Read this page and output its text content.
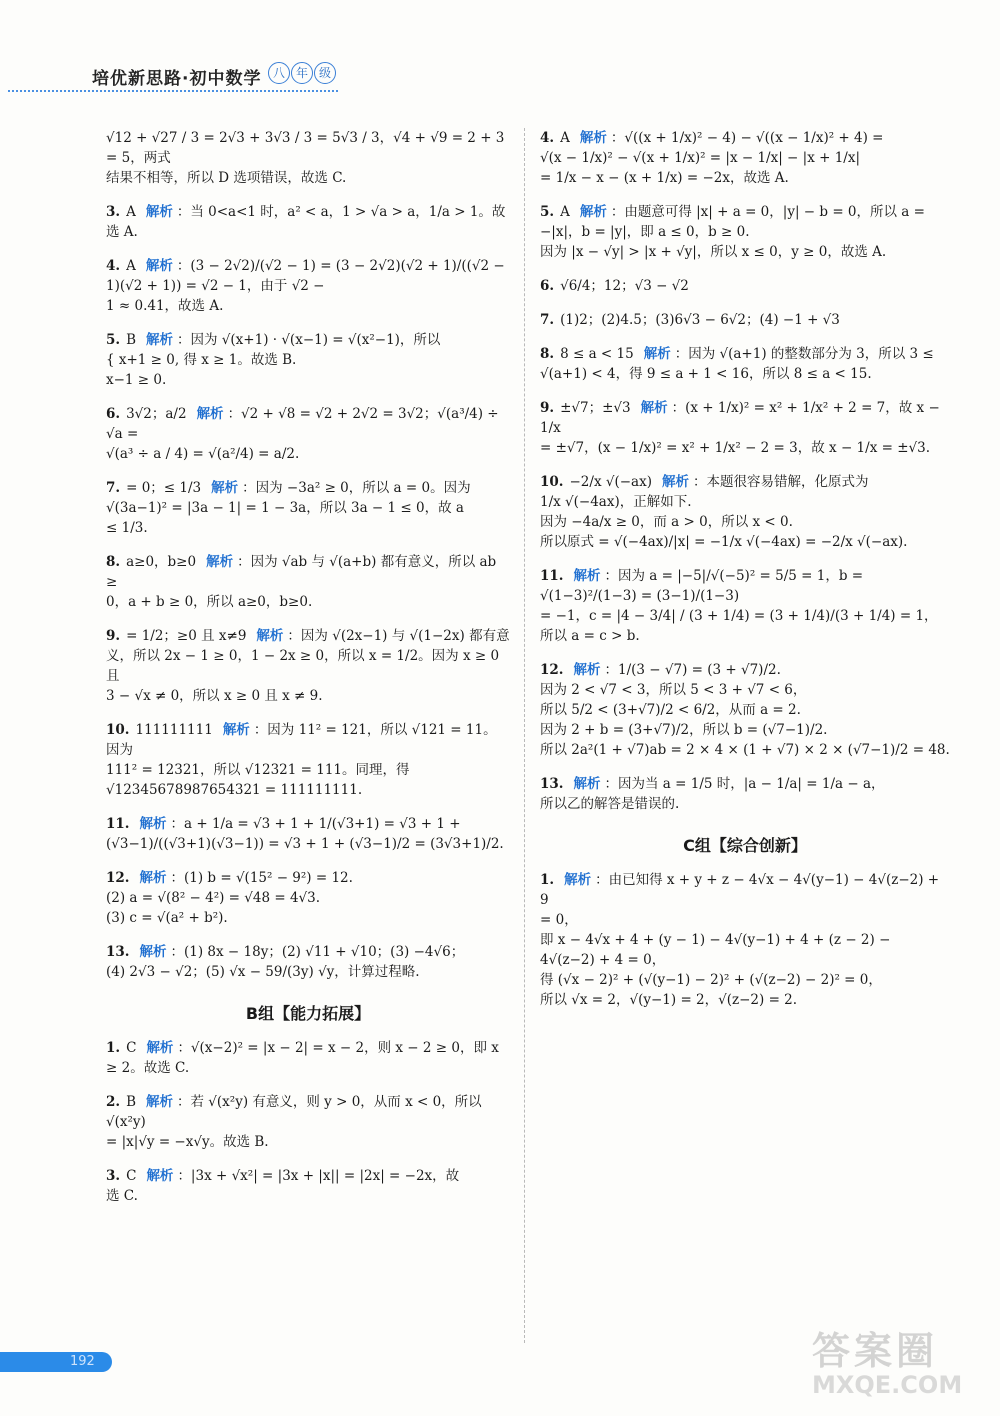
培优新思路·初中数学 八 年 级
√12 + √27 / 3 = 2√3 + 3√3 / 3 = 5√3 / 3，√4 + √9 = 2 + 3 = 5，两式
结果不相等，所以 D 选项错误，故选 C.
3. A 解析 ：当 0<a<1 时，a² < a，1 > √a > a，1/a > 1。故
选 A.
4. A 解析 ：(3 − 2√2)/(√2 − 1) = (3 − 2√2)(√2 + 1)/((√2 − 1)(√2 + 1)) = √2 − 1，由于 √2 −
1 ≈ 0.41，故选 A.
5. B 解析 ：因为 √(x+1) · √(x−1) = √(x²−1)，所以
{ x+1 ≥ 0, 得 x ≥ 1。故选 B.
x−1 ≥ 0.
6. 3√2；a/2 解析 ：√2 + √8 = √2 + 2√2 = 3√2；√(a³/4) ÷ √a =
√(a³ ÷ a / 4) = √(a²/4) = a/2.
7. = 0；≤ 1/3 解析 ：因为 −3a² ≥ 0，所以 a = 0。因为
√(3a−1)² = |3a − 1| = 1 − 3a，所以 3a − 1 ≤ 0，故 a
≤ 1/3.
8. a≥0，b≥0 解析 ：因为 √ab 与 √(a+b) 都有意义，所以 ab ≥
0，a + b ≥ 0，所以 a≥0，b≥0.
9. = 1/2；≥0 且 x≠9 解析 ：因为 √(2x−1) 与 √(1−2x) 都有意
义，所以 2x − 1 ≥ 0，1 − 2x ≥ 0，所以 x = 1/2。因为 x ≥ 0 且
3 − √x ≠ 0，所以 x ≥ 0 且 x ≠ 9.
10. 111111111 解析 ：因为 11² = 121，所以 √121 = 11。因为
111² = 12321，所以 √12321 = 111。同理，得
√12345678987654321 = 111111111.
11. 解析 ：a + 1/a = √3 + 1 + 1/(√3+1) = √3 + 1 +
(√3−1)/((√3+1)(√3−1)) = √3 + 1 + (√3−1)/2 = (3√3+1)/2.
12. 解析 ：(1) b = √(15² − 9²) = 12.
(2) a = √(8² − 4²) = √48 = 4√3.
(3) c = √(a² + b²).
13. 解析 ：(1) 8x − 18y；(2) √11 + √10；(3) −4√6；
(4) 2√3 − √2；(5) √x − 59/(3y) √y，计算过程略.
B组【能力拓展】
1. C 解析 ：√(x−2)² = |x − 2| = x − 2，则 x − 2 ≥ 0，即 x
≥ 2。故选 C.
2. B 解析 ：若 √(x²y) 有意义，则 y > 0，从而 x < 0，所以 √(x²y)
= |x|√y = −x√y。故选 B.
3. C 解析 ：|3x + √x²| = |3x + |x|| = |2x| = −2x，故
选 C.
4. A 解析 ：√((x + 1/x)² − 4) − √((x − 1/x)² + 4) =
√(x − 1/x)² − √(x + 1/x)² = |x − 1/x| − |x + 1/x|
= 1/x − x − (x + 1/x) = −2x，故选 A.
5. A 解析 ：由题意可得 |x| + a = 0，|y| − b = 0，所以 a =
−|x|，b = |y|，即 a ≤ 0，b ≥ 0.
因为 |x − √y| > |x + √y|，所以 x ≤ 0，y ≥ 0，故选 A.
6. √6/4；12；√3 − √2
7. (1)2；(2)4.5；(3)6√3 − 6√2；(4) −1 + √3
8. 8 ≤ a < 15 解析 ：因为 √(a+1) 的整数部分为 3，所以 3 ≤
√(a+1) < 4，得 9 ≤ a + 1 < 16，所以 8 ≤ a < 15.
9. ±√7；±√3 解析 ：(x + 1/x)² = x² + 1/x² + 2 = 7，故 x − 1/x
= ±√7，(x − 1/x)² = x² + 1/x² − 2 = 3，故 x − 1/x = ±√3.
10. −2/x √(−ax) 解析 ：本题很容易错解，化原式为
1/x √(−4ax)，正解如下.
因为 −4a/x ≥ 0，而 a > 0，所以 x < 0.
所以原式 = √(−4ax)/|x| = −1/x √(−4ax) = −2/x √(−ax).
11. 解析 ：因为 a = |−5|/√(−5)² = 5/5 = 1，b = √(1−3)²/(1−3) = (3−1)/(1−3)
= −1，c = |4 − 3/4| / (3 + 1/4) = (3 + 1/4)/(3 + 1/4) = 1，所以 a = c > b.
12. 解析 ：1/(3 − √7) = (3 + √7)/2.
因为 2 < √7 < 3，所以 5 < 3 + √7 < 6，
所以 5/2 < (3+√7)/2 < 6/2，从而 a = 2.
因为 2 + b = (3+√7)/2，所以 b = (√7−1)/2.
所以 2a²(1 + √7)ab = 2 × 4 × (1 + √7) × 2 × (√7−1)/2 = 48.
13. 解析 ：因为当 a = 1/5 时，|a − 1/a| = 1/a − a，
所以乙的解答是错误的.
C组【综合创新】
1. 解析 ：由已知得 x + y + z − 4√x − 4√(y−1) − 4√(z−2) + 9
= 0，
即 x − 4√x + 4 + (y − 1) − 4√(y−1) + 4 + (z − 2) −
4√(z−2) + 4 = 0，
得 (√x − 2)² + (√(y−1) − 2)² + (√(z−2) − 2)² = 0，
所以 √x = 2，√(y−1) = 2，√(z−2) = 2.
192	答案圈
MXQE.COM
